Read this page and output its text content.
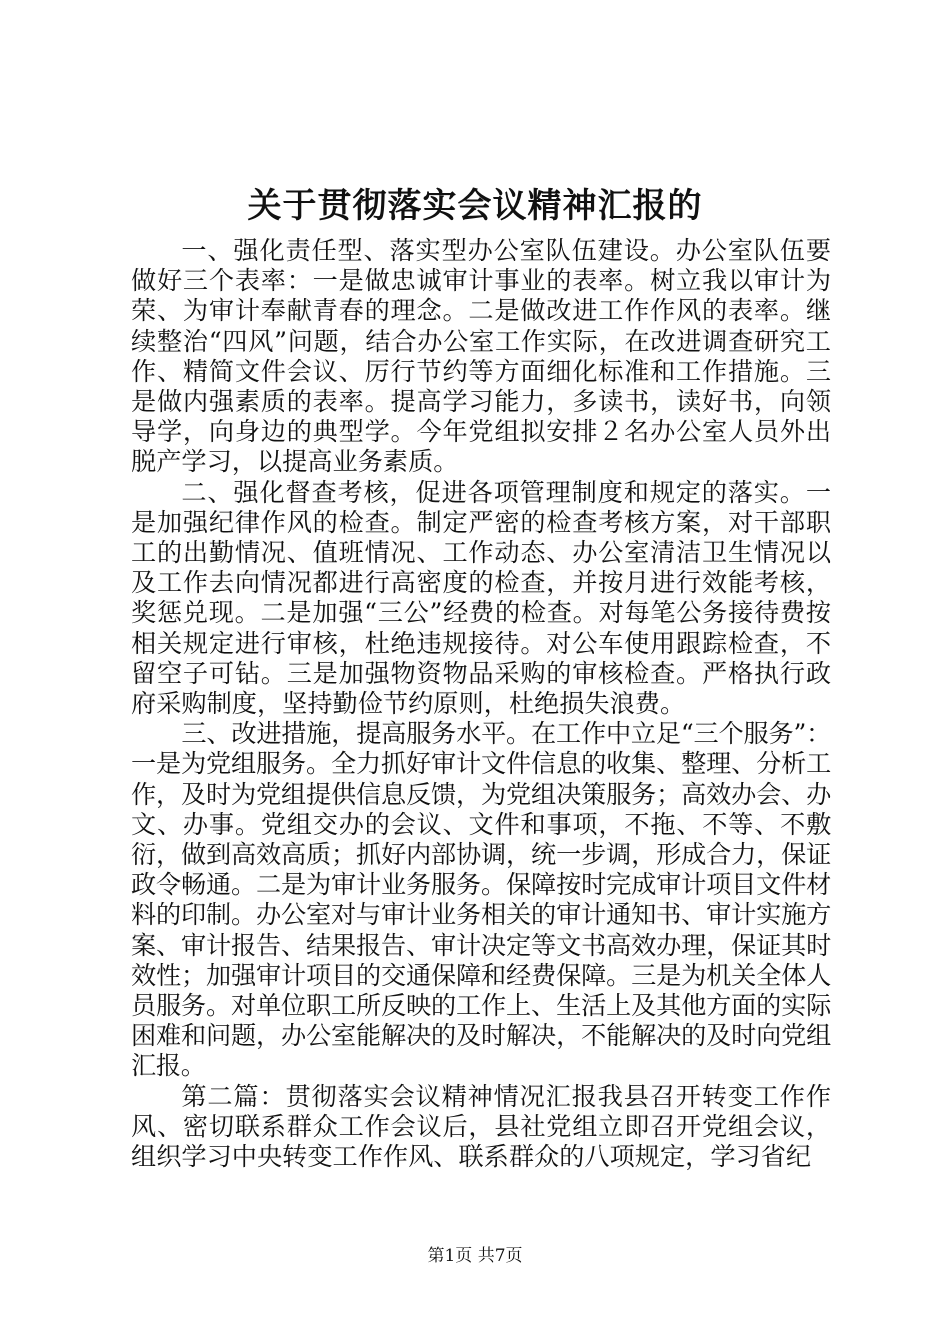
关于贯彻落实会议精神汇报的

一、强化责任型、落实型办公室队伍建设。办公室队伍要做好三个表率：一是做忠诚审计事业的表率。树立我以审计为荣、为审计奉献青春的理念。二是做改进工作作风的表率。继续整治“四风”问题，结合办公室工作实际，在改进调查研究工作、精简文件会议、厉行节约等方面细化标准和工作措施。三是做内强素质的表率。提高学习能力，多读书，读好书，向领导学，向身边的典型学。今年党组拟安排２名办公室人员外出脱产学习，以提高业务素质。

二、强化督查考核，促进各项管理制度和规定的落实。一是加强纪律作风的检查。制定严密的检查考核方案，对干部职工的出勤情况、值班情况、工作动态、办公室清洁卫生情况以及工作去向情况都进行高密度的检查，并按月进行效能考核，奖惩兑现。二是加强“三公”经费的检查。对每笔公务接待费按相关规定进行审核，杜绝违规接待。对公车使用跟踪检查，不留空子可钻。三是加强物资物品采购的审核检查。严格执行政府采购制度，坚持勤俭节约原则，杜绝损失浪费。

三、改进措施，提高服务水平。在工作中立足“三个服务”：一是为党组服务。全力抓好审计文件信息的收集、整理、分析工作，及时为党组提供信息反馈，为党组决策服务；高效办会、办文、办事。党组交办的会议、文件和事项，不拖、不等、不敷衍，做到高效高质；抓好内部协调，统一步调，形成合力，保证政令畅通。二是为审计业务服务。保障按时完成审计项目文件材料的印制。办公室对与审计业务相关的审计通知书、审计实施方案、审计报告、结果报告、审计决定等文书高效办理，保证其时效性；加强审计项目的交通保障和经费保障。三是为机关全体人员服务。对单位职工所反映的工作上、生活上及其他方面的实际困难和问题，办公室能解决的及时解决，不能解决的及时向党组汇报。

第二篇：贯彻落实会议精神情况汇报我县召开转变工作作风、密切联系群众工作会议后，县社党组立即召开党组会议，组织学习中央转变工作作风、联系群众的八项规定，学习省纪

第1页 共7页
